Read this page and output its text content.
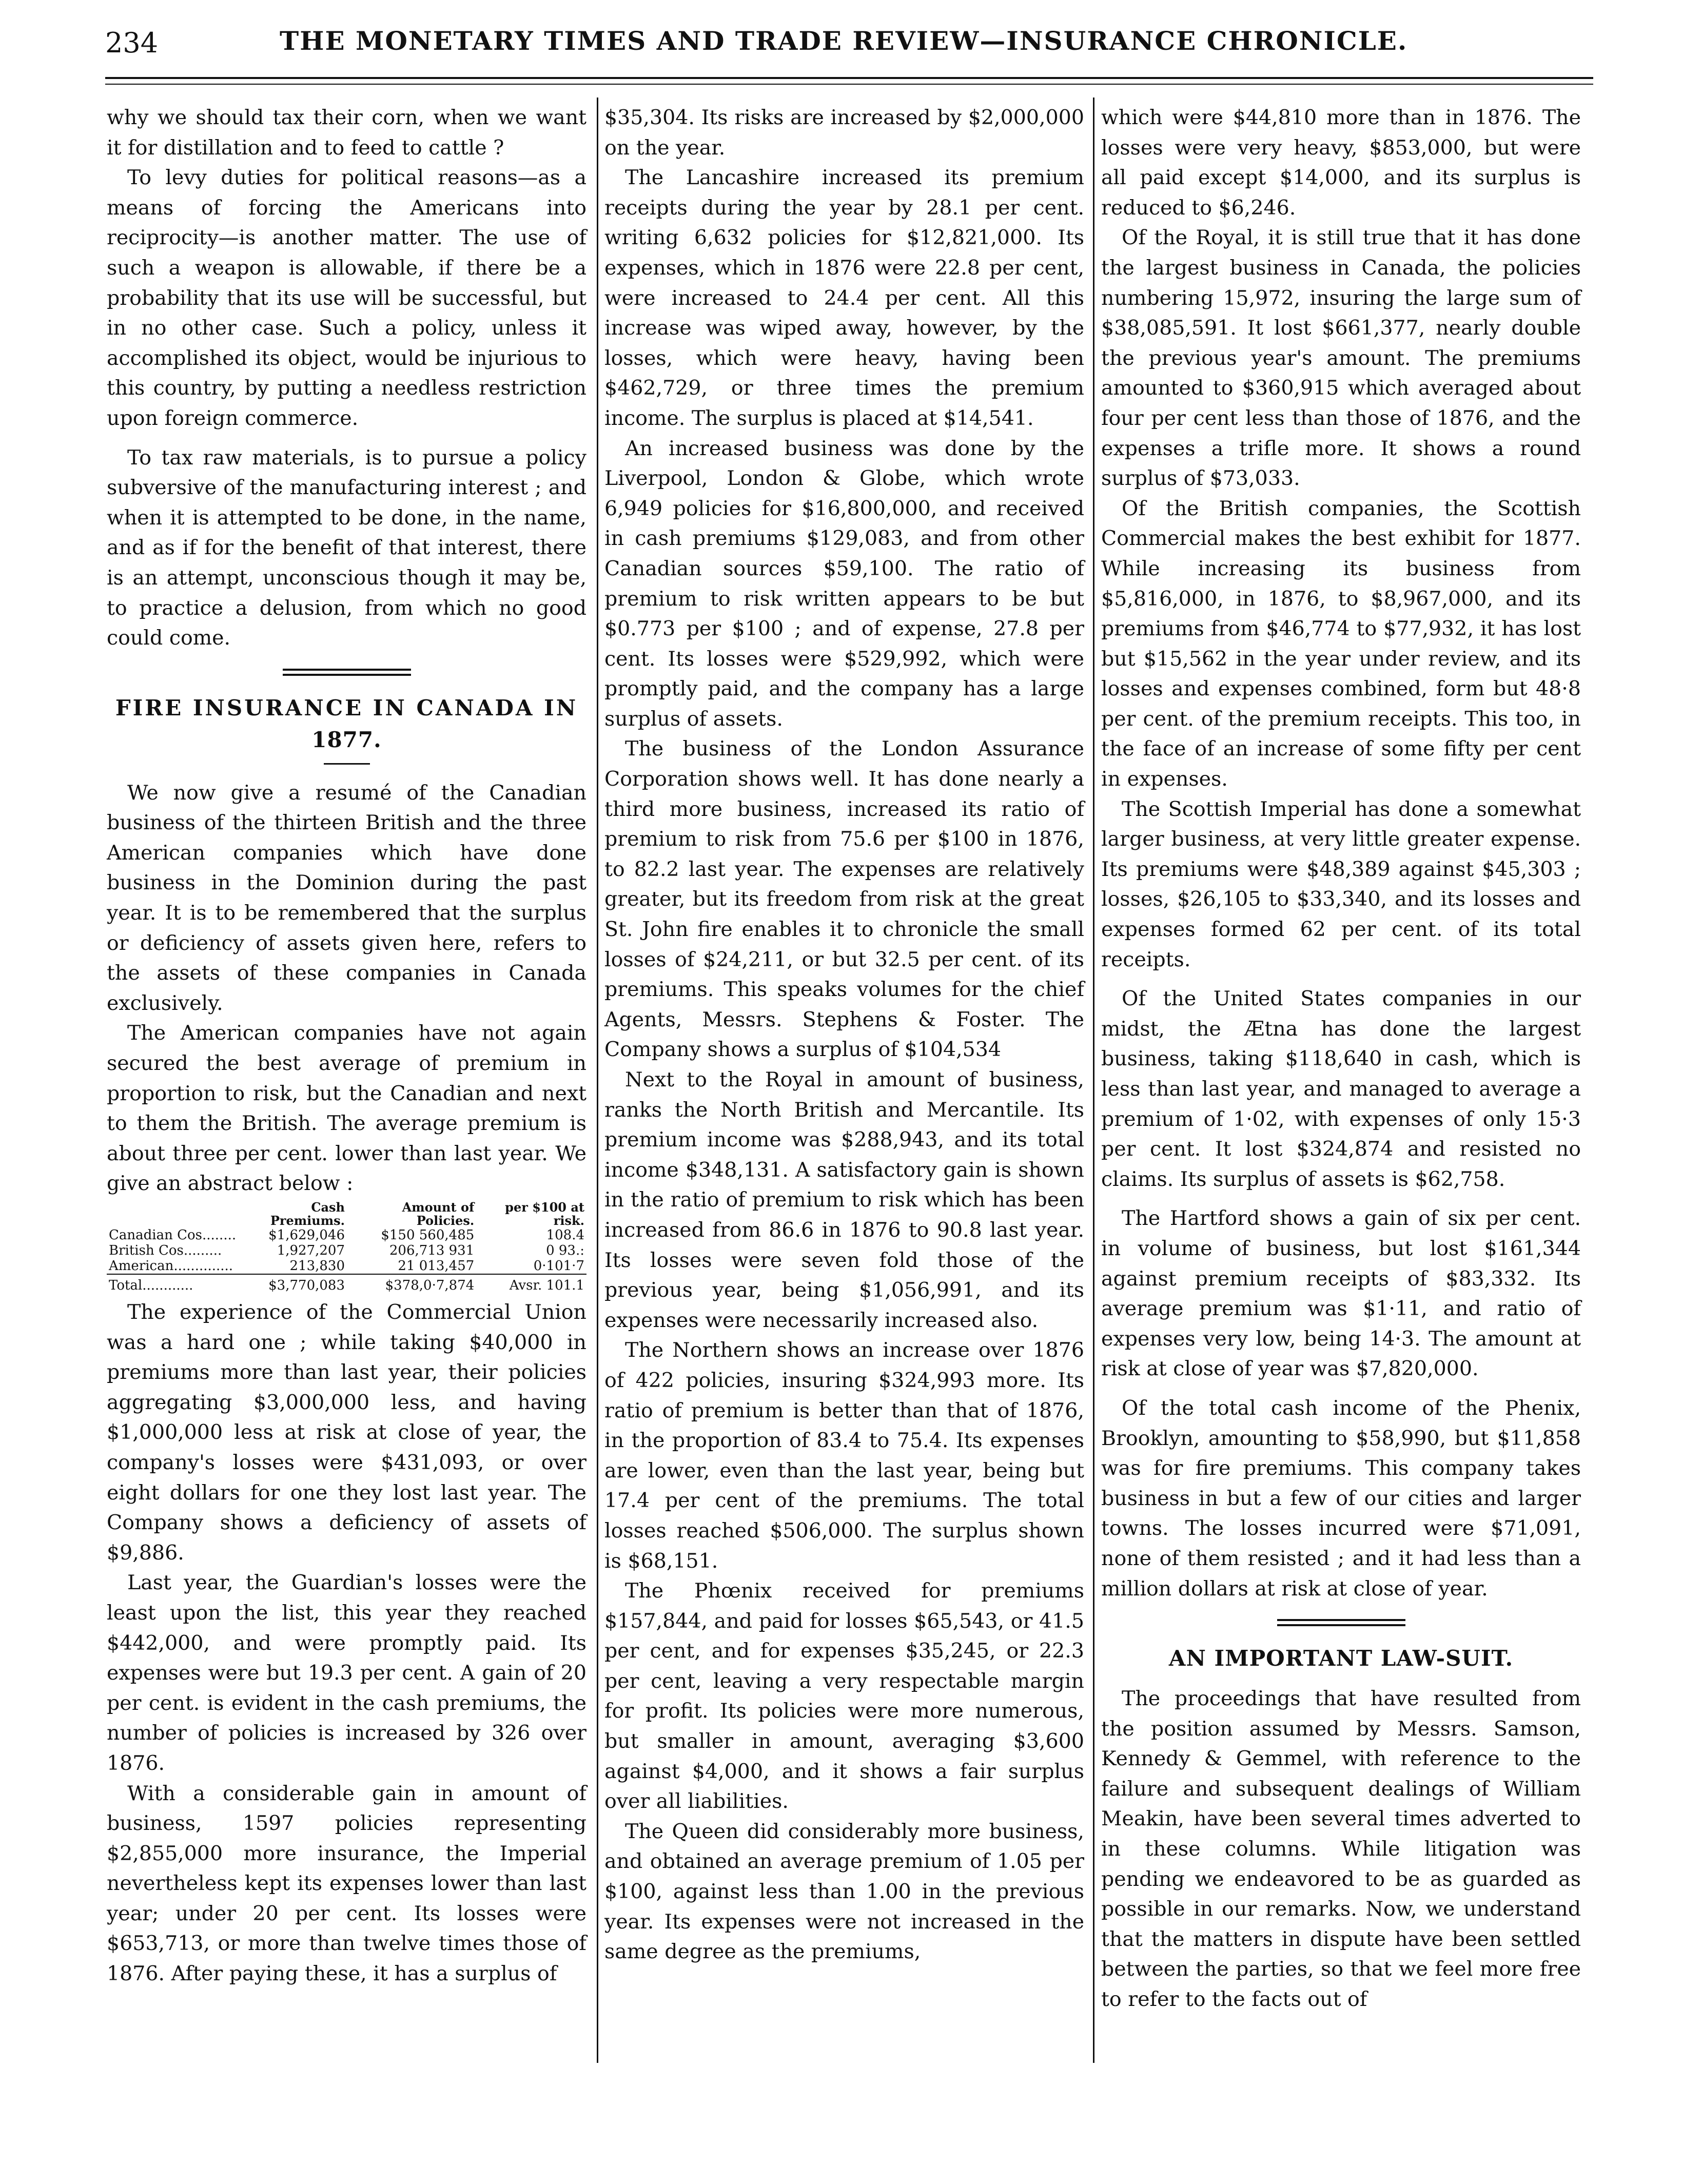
234	THE MONETARY TIMES AND TRADE REVIEW—INSURANCE CHRONICLE.

why we should tax their corn, when we want it for distillation and to feed to cattle ?

To levy duties for political reasons—as a means of forcing the Americans into reciprocity—is another matter. The use of such a weapon is allowable, if there be a probability that its use will be successful, but in no other case. Such a policy, unless it accomplished its object, would be injurious to this country, by putting a needless restriction upon foreign commerce.

To tax raw materials, is to pursue a policy subversive of the manufacturing interest ; and when it is attempted to be done, in the name, and as if for the benefit of that interest, there is an attempt, unconscious though it may be, to practice a delusion, from which no good could come.

FIRE INSURANCE IN CANADA IN
1877.

We now give a resumé of the Canadian business of the thirteen British and the three American companies which have done business in the Dominion during the past year. It is to be remembered that the surplus or deficiency of assets given here, refers to the assets of these companies in Canada exclusively.

The American companies have not again secured the best average of premium in proportion to risk, but the Canadian and next to them the British. The average premium is about three per cent. lower than last year. We give an abstract below :

	Cash Premiums.	Amount of Policies.	per $100 at risk.
Canadian Cos........	$1,629,046	$150 560,485	108.4
British Cos.........	1,927,207	206,713 931	0 93.:
American..............	213,830	21 013,457	0·101·7
Total............	$3,770,083	$378,0·7,874	Avsr. 101.1

The experience of the Commercial Union was a hard one ; while taking $40,000 in premiums more than last year, their policies aggregating $3,000,000 less, and having $1,000,000 less at risk at close of year, the company's losses were $431,093, or over eight dollars for one they lost last year. The Company shows a deficiency of assets of $9,886.

Last year, the Guardian's losses were the least upon the list, this year they reached $442,000, and were promptly paid. Its expenses were but 19.3 per cent. A gain of 20 per cent. is evident in the cash premiums, the number of policies is increased by 326 over 1876.

With a considerable gain in amount of business, 1597 policies representing $2,855,000 more insurance, the Imperial nevertheless kept its expenses lower than last year; under 20 per cent. Its losses were $653,713, or more than twelve times those of 1876. After paying these, it has a surplus of

$35,304. Its risks are increased by $2,000,000 on the year.

The Lancashire increased its premium receipts during the year by 28.1 per cent. writing 6,632 policies for $12,821,000. Its expenses, which in 1876 were 22.8 per cent, were increased to 24.4 per cent. All this increase was wiped away, however, by the losses, which were heavy, having been $462,729, or three times the premium income. The surplus is placed at $14,541.

An increased business was done by the Liverpool, London & Globe, which wrote 6,949 policies for $16,800,000, and received in cash premiums $129,083, and from other Canadian sources $59,100. The ratio of premium to risk written appears to be but $0.773 per $100 ; and of expense, 27.8 per cent. Its losses were $529,992, which were promptly paid, and the company has a large surplus of assets.

The business of the London Assurance Corporation shows well. It has done nearly a third more business, increased its ratio of premium to risk from 75.6 per $100 in 1876, to 82.2 last year. The expenses are relatively greater, but its freedom from risk at the great St. John fire enables it to chronicle the small losses of $24,211, or but 32.5 per cent. of its premiums. This speaks volumes for the chief Agents, Messrs. Stephens & Foster. The Company shows a surplus of $104,534

Next to the Royal in amount of business, ranks the North British and Mercantile. Its premium income was $288,943, and its total income $348,131. A satisfactory gain is shown in the ratio of premium to risk which has been increased from 86.6 in 1876 to 90.8 last year. Its losses were seven fold those of the previous year, being $1,056,991, and its expenses were necessarily increased also.

The Northern shows an increase over 1876 of 422 policies, insuring $324,993 more. Its ratio of premium is better than that of 1876, in the proportion of 83.4 to 75.4. Its expenses are lower, even than the last year, being but 17.4 per cent of the premiums. The total losses reached $506,000. The surplus shown is $68,151.

The Phœnix received for premiums $157,844, and paid for losses $65,543, or 41.5 per cent, and for expenses $35,245, or 22.3 per cent, leaving a very respectable margin for profit. Its policies were more numerous, but smaller in amount, averaging $3,600 against $4,000, and it shows a fair surplus over all liabilities.

The Queen did considerably more business, and obtained an average premium of 1.05 per $100, against less than 1.00 in the previous year. Its expenses were not increased in the same degree as the premiums,

which were $44,810 more than in 1876. The losses were very heavy, $853,000, but were all paid except $14,000, and its surplus is reduced to $6,246.

Of the Royal, it is still true that it has done the largest business in Canada, the policies numbering 15,972, insuring the large sum of $38,085,591. It lost $661,377, nearly double the previous year's amount. The premiums amounted to $360,915 which averaged about four per cent less than those of 1876, and the expenses a trifle more. It shows a round surplus of $73,033.

Of the British companies, the Scottish Commercial makes the best exhibit for 1877. While increasing its business from $5,816,000, in 1876, to $8,967,000, and its premiums from $46,774 to $77,932, it has lost but $15,562 in the year under review, and its losses and expenses combined, form but 48·8 per cent. of the premium receipts. This too, in the face of an increase of some fifty per cent in expenses.

The Scottish Imperial has done a somewhat larger business, at very little greater expense. Its premiums were $48,389 against $45,303 ; losses, $26,105 to $33,340, and its losses and expenses formed 62 per cent. of its total receipts.

Of the United States companies in our midst, the Ætna has done the largest business, taking $118,640 in cash, which is less than last year, and managed to average a premium of 1·02, with expenses of only 15·3 per cent. It lost $324,874 and resisted no claims. Its surplus of assets is $62,758.

The Hartford shows a gain of six per cent. in volume of business, but lost $161,344 against premium receipts of $83,332. Its average premium was $1·11, and ratio of expenses very low, being 14·3. The amount at risk at close of year was $7,820,000.

Of the total cash income of the Phenix, Brooklyn, amounting to $58,990, but $11,858 was for fire premiums. This company takes business in but a few of our cities and larger towns. The losses incurred were $71,091, none of them resisted ; and it had less than a million dollars at risk at close of year.

AN IMPORTANT LAW-SUIT.

The proceedings that have resulted from the position assumed by Messrs. Samson, Kennedy & Gemmel, with reference to the failure and subsequent dealings of William Meakin, have been several times adverted to in these columns. While litigation was pending we endeavored to be as guarded as possible in our remarks. Now, we understand that the matters in dispute have been settled between the parties, so that we feel more free to refer to the facts out of
